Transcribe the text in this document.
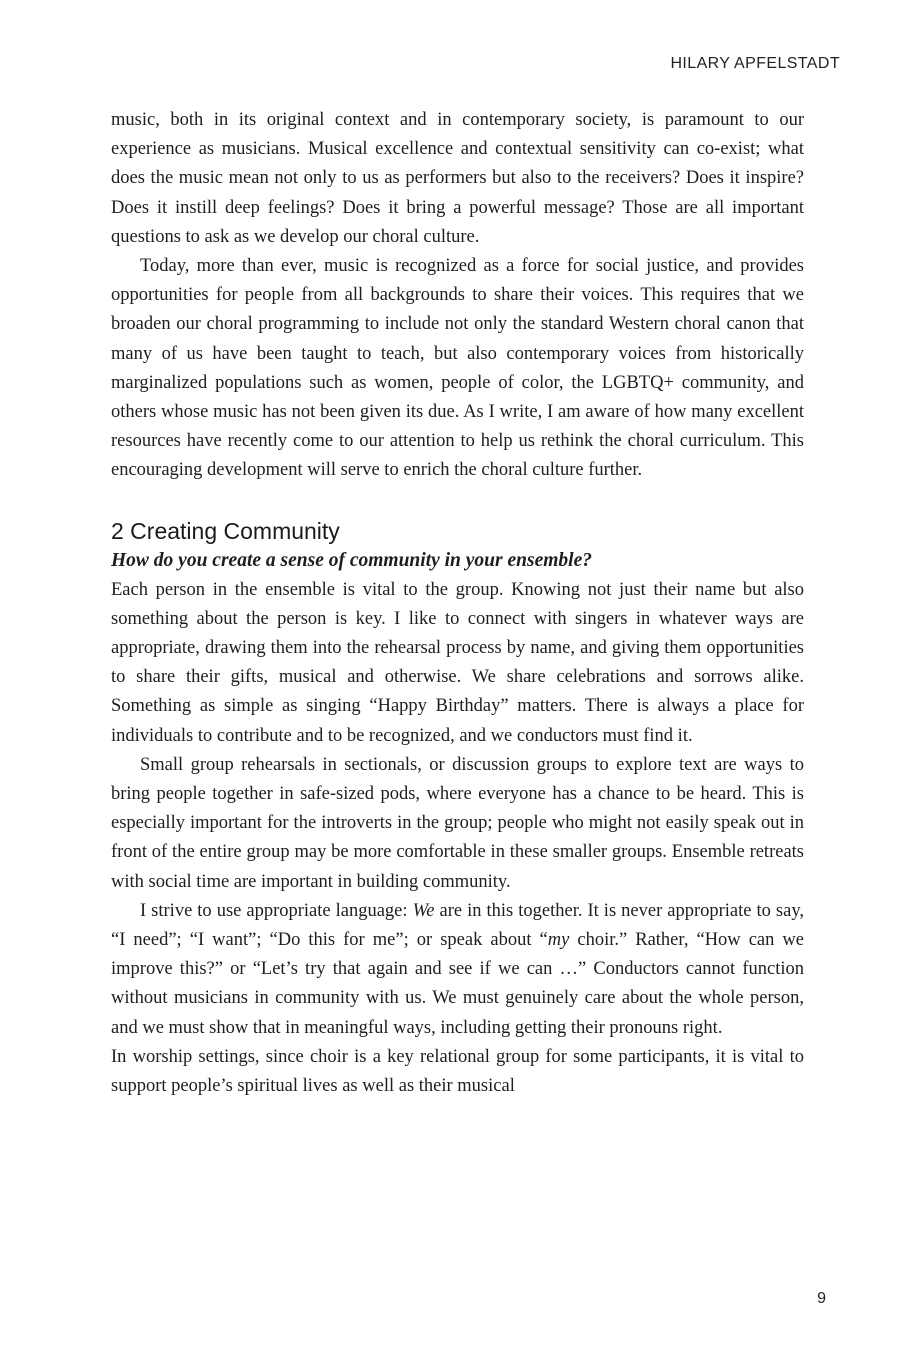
HILARY APFELSTADT

music, both in its original context and in contemporary society, is paramount to our experience as musicians. Musical excellence and contextual sensitivity can co-exist; what does the music mean not only to us as performers but also to the receivers? Does it inspire? Does it instill deep feelings? Does it bring a powerful message? Those are all important questions to ask as we develop our choral culture.

Today, more than ever, music is recognized as a force for social justice, and provides opportunities for people from all backgrounds to share their voices. This requires that we broaden our choral programming to include not only the standard Western choral canon that many of us have been taught to teach, but also contemporary voices from historically marginalized populations such as women, people of color, the LGBTQ+ community, and others whose music has not been given its due. As I write, I am aware of how many excellent resources have recently come to our attention to help us rethink the choral curriculum. This encouraging development will serve to enrich the choral culture further.

2 Creating Community

How do you create a sense of community in your ensemble?

Each person in the ensemble is vital to the group. Knowing not just their name but also something about the person is key. I like to connect with singers in whatever ways are appropriate, drawing them into the rehearsal process by name, and giving them opportunities to share their gifts, musical and otherwise. We share celebrations and sorrows alike. Something as simple as singing “Happy Birthday” matters. There is always a place for individuals to contribute and to be recognized, and we conductors must find it.

Small group rehearsals in sectionals, or discussion groups to explore text are ways to bring people together in safe-sized pods, where everyone has a chance to be heard. This is especially important for the introverts in the group; people who might not easily speak out in front of the entire group may be more comfortable in these smaller groups. Ensemble retreats with social time are important in building community.

I strive to use appropriate language: We are in this together. It is never appropriate to say, “I need”; “I want”; “Do this for me”; or speak about “my choir.” Rather, “How can we improve this?” or “Let’s try that again and see if we can …” Conductors cannot function without musicians in community with us. We must genuinely care about the whole person, and we must show that in meaningful ways, including getting their pronouns right.

In worship settings, since choir is a key relational group for some participants, it is vital to support people’s spiritual lives as well as their musical

9
